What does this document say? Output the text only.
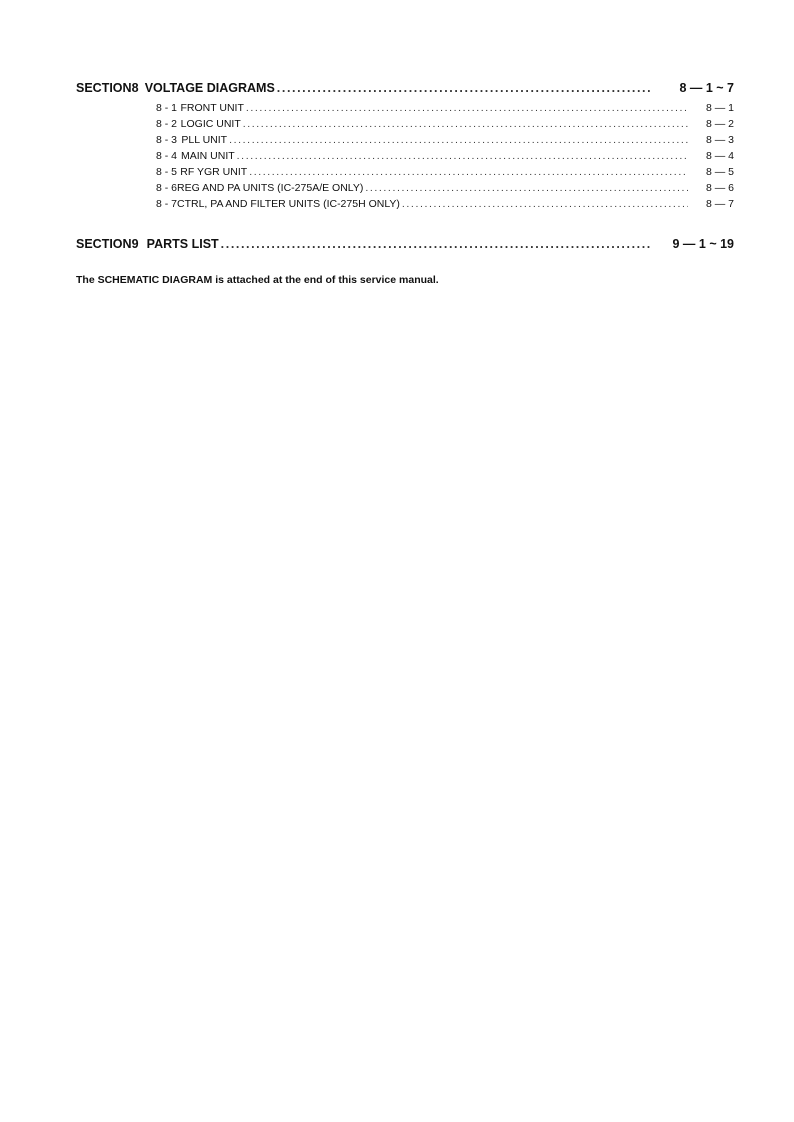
SECTION 8 VOLTAGE DIAGRAMS .....	8 — 1 ~ 7
8 - 1 FRONT UNIT .....	8 — 1
8 - 2 LOGIC UNIT .....	8 — 2
8 - 3 PLL UNIT .....	8 — 3
8 - 4 MAIN UNIT .....	8 — 4
8 - 5 RF YGR UNIT .....	8 — 5
8 - 6 REG AND PA UNITS (IC-275A/E ONLY) .....	8 — 6
8 - 7 CTRL, PA AND FILTER UNITS (IC-275H ONLY) .....	8 — 7
SECTION 9 PARTS LIST .....	9 — 1 ~ 19
The SCHEMATIC DIAGRAM is attached at the end of this service manual.
